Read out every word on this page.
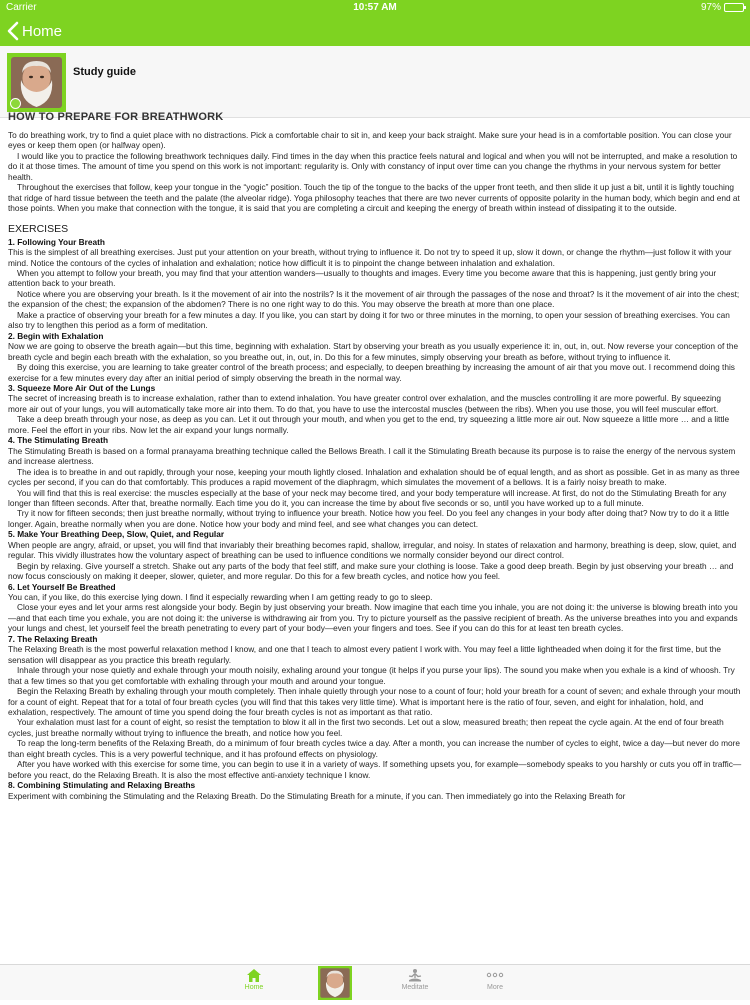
Carrier	10:57 AM	97%
Home
Study guide
HOW TO PREPARE FOR BREATHWORK

To do breathing work, try to find a quiet place with no distractions. Pick a comfortable chair to sit in, and keep your back straight. Make sure your head is in a comfortable position. You can close your eyes or keep them open (or halfway open).

I would like you to practice the following breathwork techniques daily. Find times in the day when this practice feels natural and logical and when you will not be interrupted, and make a resolution to do it at those times. The amount of time you spend on this work is not important: regularity is. Only with constancy of input over time can you change the rhythms in your nervous system for better health.

Throughout the exercises that follow, keep your tongue in the “yogic” position. Touch the tip of the tongue to the backs of the upper front teeth, and then slide it up just a bit, until it is lightly touching that ridge of hard tissue between the teeth and the palate (the alveolar ridge). Yoga philosophy teaches that there are two never currents of opposite polarity in the human body, which begin and end at those points. When you make that connection with the tongue, it is said that you are completing a circuit and keeping the energy of breath within instead of dissipating it to the outside.

EXERCISES

1. Following Your Breath

This is the simplest of all breathing exercises. Just put your attention on your breath, without trying to influence it. Do not try to speed it up, slow it down, or change the rhythm—just follow it with your mind. Notice the contours of the cycles of inhalation and exhalation; notice how difficult it is to pinpoint the change between inhalation and exhalation.

When you attempt to follow your breath, you may find that your attention wanders—usually to thoughts and images. Every time you become aware that this is happening, just gently bring your attention back to your breath.

Notice where you are observing your breath. Is it the movement of air into the nostrils? Is it the movement of air through the passages of the nose and throat? Is it the movement of air into the chest; the expansion of the chest; the expansion of the abdomen? There is no one right way to do this. You may observe the breath at more than one place.

Make a practice of observing your breath for a few minutes a day. If you like, you can start by doing it for two or three minutes in the morning, to open your session of breathing exercises. You can also try to lengthen this period as a form of meditation.

2. Begin with Exhalation

Now we are going to observe the breath again—but this time, beginning with exhalation. Start by observing your breath as you usually experience it: in, out, in, out. Now reverse your conception of the breath cycle and begin each breath with the exhalation, so you breathe out, in, out, in. Do this for a few minutes, simply observing your breath as before, without trying to influence it.

By doing this exercise, you are learning to take greater control of the breath process; and especially, to deepen breathing by increasing the amount of air that you move out. I recommend doing this exercise for a few minutes every day after an initial period of simply observing the breath in the normal way.

3. Squeeze More Air Out of the Lungs

The secret of increasing breath is to increase exhalation, rather than to extend inhalation. You have greater control over exhalation, and the muscles controlling it are more powerful. By squeezing more air out of your lungs, you will automatically take more air into them. To do that, you have to use the intercostal muscles (between the ribs). When you use those, you will feel muscular effort.

Take a deep breath through your nose, as deep as you can. Let it out through your mouth, and when you get to the end, try squeezing a little more air out. Now squeeze a little more … and a little more. Feel the effort in your ribs. Now let the air expand your lungs normally.

4. The Stimulating Breath

The Stimulating Breath is based on a formal pranayama breathing technique called the Bellows Breath. I call it the Stimulating Breath because its purpose is to raise the energy of the nervous system and increase alertness.

The idea is to breathe in and out rapidly, through your nose, keeping your mouth lightly closed. Inhalation and exhalation should be of equal length, and as short as possible. Get in as many as three cycles per second, if you can do that comfortably. This produces a rapid movement of the diaphragm, which simulates the movement of a bellows. It is a fairly noisy breath to make.

You will find that this is real exercise: the muscles especially at the base of your neck may become tired, and your body temperature will increase. At first, do not do the Stimulating Breath for any longer than fifteen seconds. After that, breathe normally. Each time you do it, you can increase the time by about five seconds or so, until you have worked up to a full minute.

Try it now for fifteen seconds; then just breathe normally, without trying to influence your breath. Notice how you feel. Do you feel any changes in your body after doing that? Now try to do it a little longer. Again, breathe normally when you are done. Notice how your body and mind feel, and see what changes you can detect.

5. Make Your Breathing Deep, Slow, Quiet, and Regular

When people are angry, afraid, or upset, you will find that invariably their breathing becomes rapid, shallow, irregular, and noisy. In states of relaxation and harmony, breathing is deep, slow, quiet, and regular. This vividly illustrates how the voluntary aspect of breathing can be used to influence conditions we normally consider beyond our direct control.

Begin by relaxing. Give yourself a stretch. Shake out any parts of the body that feel stiff, and make sure your clothing is loose. Take a good deep breath. Begin by just observing your breath … and now focus consciously on making it deeper, slower, quieter, and more regular. Do this for a few breath cycles, and notice how you feel.

6. Let Yourself Be Breathed

You can, if you like, do this exercise lying down. I find it especially rewarding when I am getting ready to go to sleep.

Close your eyes and let your arms rest alongside your body. Begin by just observing your breath. Now imagine that each time you inhale, you are not doing it: the universe is blowing breath into you—and that each time you exhale, you are not doing it: the universe is withdrawing air from you. Try to picture yourself as the passive recipient of breath. As the universe breathes into you and expands your lungs and chest, let yourself feel the breath penetrating to every part of your body—even your fingers and toes. See if you can do this for at least ten breath cycles.

7. The Relaxing Breath

The Relaxing Breath is the most powerful relaxation method I know, and one that I teach to almost every patient I work with. You may feel a little lightheaded when doing it for the first time, but the sensation will disappear as you practice this breath regularly.

Inhale through your nose quietly and exhale through your mouth noisily, exhaling around your tongue (it helps if you purse your lips). The sound you make when you exhale is a kind of whoosh. Try that a few times so that you get comfortable with exhaling through your mouth and around your tongue.

Begin the Relaxing Breath by exhaling through your mouth completely. Then inhale quietly through your nose to a count of four; hold your breath for a count of seven; and exhale through your mouth for a count of eight. Repeat that for a total of four breath cycles (you will find that this takes very little time). What is important here is the ratio of four, seven, and eight for inhalation, hold, and exhalation, respectively. The amount of time you spend doing the four breath cycles is not as important as that ratio.

Your exhalation must last for a count of eight, so resist the temptation to blow it all in the first two seconds. Let out a slow, measured breath; then repeat the cycle again. At the end of four breath cycles, just breathe normally without trying to influence the breath, and notice how you feel.

To reap the long-term benefits of the Relaxing Breath, do a minimum of four breath cycles twice a day. After a month, you can increase the number of cycles to eight, twice a day—but never do more than eight breath cycles. This is a very powerful technique, and it has profound effects on physiology.

After you have worked with this exercise for some time, you can begin to use it in a variety of ways. If something upsets you, for example—somebody speaks to you harshly or cuts you off in traffic—before you react, do the Relaxing Breath. It is also the most effective anti-anxiety technique I know.

8. Combining Stimulating and Relaxing Breaths

Experiment with combining the Stimulating and the Relaxing Breath. Do the Stimulating Breath for a minute, if you can. Then immediately go into the Relaxing Breath for

Home	Meditate	More
